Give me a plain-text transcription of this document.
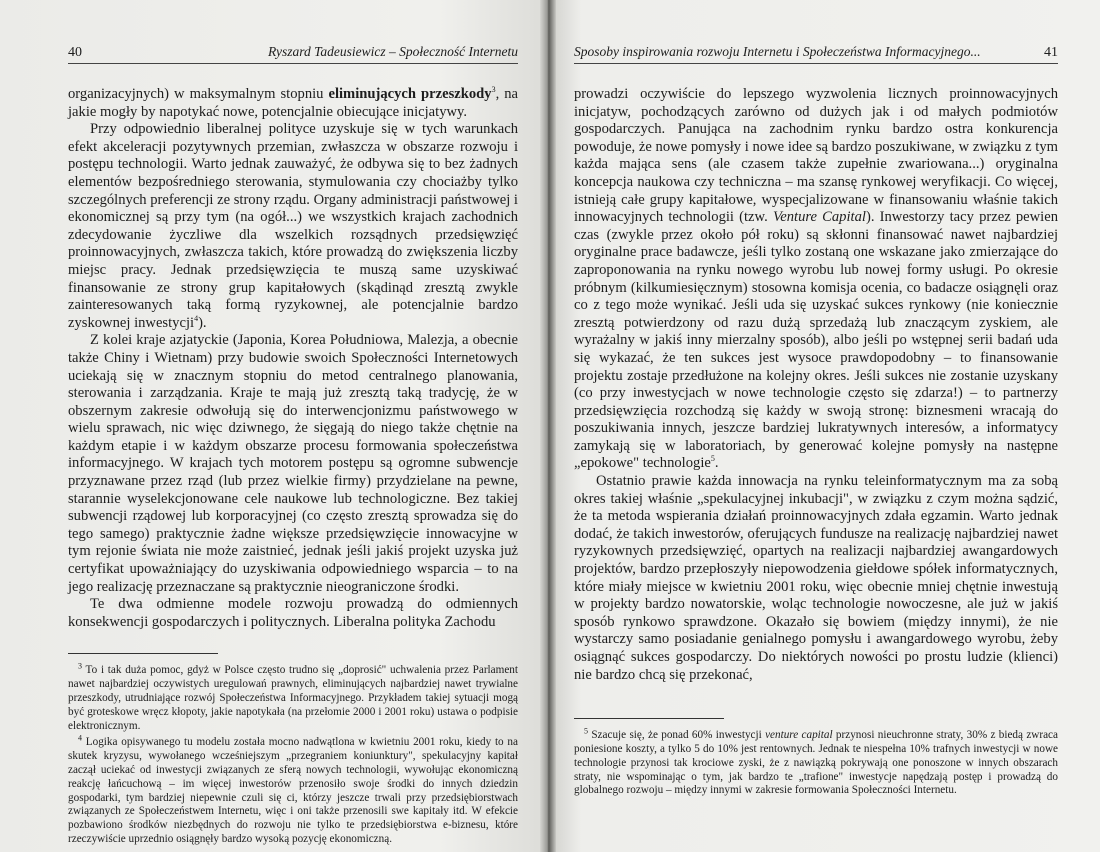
40	Ryszard Tadeusiewicz – Społeczność Internetu

organizacyjnych) w maksymalnym stopniu eliminujących przeszkody$^3$, na jakie mogły by napotykać nowe, potencjalnie obiecujące inicjatywy.

Przy odpowiednio liberalnej polityce uzyskuje się w tych warunkach efekt akceleracji pozytywnych przemian, zwłaszcza w obszarze rozwoju i postępu technologii. Warto jednak zauważyć, że odbywa się to bez żadnych elementów bezpośredniego sterowania, stymulowania czy chociażby tylko szczególnych preferencji ze strony rządu. Organy administracji państwowej i ekonomicznej są przy tym (na ogół...) we wszystkich krajach zachodnich zdecydowanie życzliwe dla wszelkich rozsądnych przedsięwzięć proinnowacyjnych, zwłaszcza takich, które prowadzą do zwiększenia liczby miejsc pracy. Jednak przedsięwzięcia te muszą same uzyskiwać finansowanie ze strony grup kapitałowych (skądinąd zresztą zwykle zainteresowanych taką formą ryzykownej, ale potencjalnie bardzo zyskownej inwestycji$^4$).

Z kolei kraje azjatyckie (Japonia, Korea Południowa, Malezja, a obecnie także Chiny i Wietnam) przy budowie swoich Społeczności Internetowych uciekają się w znacznym stopniu do metod centralnego planowania, sterowania i zarządzania. Kraje te mają już zresztą taką tradycję, że w obszernym zakresie odwołują się do interwencjonizmu państwowego w wielu sprawach, nic więc dziwnego, że sięgają do niego także chętnie na każdym etapie i w każdym obszarze procesu formowania społeczeństwa informacyjnego. W krajach tych motorem postępu są ogromne subwencje przyznawane przez rząd (lub przez wielkie firmy) przydzielane na pewne, starannie wyselekcjonowane cele naukowe lub technologiczne. Bez takiej subwencji rządowej lub korporacyjnej (co często zresztą sprowadza się do tego samego) praktycznie żadne większe przedsięwzięcie innowacyjne w tym rejonie świata nie może zaistnieć, jednak jeśli jakiś projekt uzyska już certyfikat upoważniający do uzyskiwania odpowiedniego wsparcia – to na jego realizację przeznaczane są praktycznie nieograniczone środki.

Te dwa odmienne modele rozwoju prowadzą do odmiennych konsekwencji gospodarczych i politycznych. Liberalna polityka Zachodu

$^3$ To i tak duża pomoc, gdyż w Polsce często trudno się „doprosić" uchwalenia przez Parlament nawet najbardziej oczywistych uregulowań prawnych, eliminujących najbardziej nawet trywialne przeszkody, utrudniające rozwój Społeczeństwa Informacyjnego. Przykładem takiej sytuacji mogą być groteskowe wręcz kłopoty, jakie napotykała (na przełomie 2000 i 2001 roku) ustawa o podpisie elektronicznym.

$^4$ Logika opisywanego tu modelu została mocno nadwątlona w kwietniu 2001 roku, kiedy to na skutek kryzysu, wywołanego wcześniejszym „przegraniem koniunktury", spekulacyjny kapitał zaczął uciekać od inwestycji związanych ze sferą nowych technologii, wywołując ekonomiczną reakcję łańcuchową – im więcej inwestorów przenosiło swoje środki do innych dziedzin gospodarki, tym bardziej niepewnie czuli się ci, którzy jeszcze trwali przy przedsiębiorstwach związanych ze Społeczeństwem Internetu, więc i oni także przenosili swe kapitały itd. W efekcie pozbawiono środków niezbędnych do rozwoju nie tylko te przedsiębiorstwa e-biznesu, które rzeczywiście uprzednio osiągnęły bardzo wysoką pozycję ekonomiczną.

Sposoby inspirowania rozwoju Internetu i Społeczeństwa Informacyjnego...	41

prowadzi oczywiście do lepszego wyzwolenia licznych proinnowacyjnych inicjatyw, pochodzących zarówno od dużych jak i od małych podmiotów gospodarczych. Panująca na zachodnim rynku bardzo ostra konkurencja powoduje, że nowe pomysły i nowe idee są bardzo poszukiwane, w związku z tym każda mająca sens (ale czasem także zupełnie zwariowana...) oryginalna koncepcja naukowa czy techniczna – ma szansę rynkowej weryfikacji. Co więcej, istnieją całe grupy kapitałowe, wyspecjalizowane w finansowaniu właśnie takich innowacyjnych technologii (tzw. Venture Capital). Inwestorzy tacy przez pewien czas (zwykle przez około pół roku) są skłonni finansować nawet najbardziej oryginalne prace badawcze, jeśli tylko zostaną one wskazane jako zmierzające do zaproponowania na rynku nowego wyrobu lub nowej formy usługi. Po okresie próbnym (kilkumiesięcznym) stosowna komisja ocenia, co badacze osiągnęli oraz co z tego może wynikać. Jeśli uda się uzyskać sukces rynkowy (nie koniecznie zresztą potwierdzony od razu dużą sprzedażą lub znaczącym zyskiem, ale wyrażalny w jakiś inny mierzalny sposób), albo jeśli po wstępnej serii badań uda się wykazać, że ten sukces jest wysoce prawdopodobny – to finansowanie projektu zostaje przedłużone na kolejny okres. Jeśli sukces nie zostanie uzyskany (co przy inwestycjach w nowe technologie często się zdarza!) – to partnerzy przedsięwzięcia rozchodzą się każdy w swoją stronę: biznesmeni wracają do poszukiwania innych, jeszcze bardziej lukratywnych interesów, a informatycy zamykają się w laboratoriach, by generować kolejne pomysły na następne „epokowe" technologie$^5$.

Ostatnio prawie każda innowacja na rynku teleinformatycznym ma za sobą okres takiej właśnie „spekulacyjnej inkubacji", w związku z czym można sądzić, że ta metoda wspierania działań proinnowacyjnych zdała egzamin. Warto jednak dodać, że takich inwestorów, oferujących fundusze na realizację najbardziej nawet ryzykownych przedsięwzięć, opartych na realizacji najbardziej awangardowych projektów, bardzo przepłoszyły niepowodzenia giełdowe spółek informatycznych, które miały miejsce w kwietniu 2001 roku, więc obecnie mniej chętnie inwestują w projekty bardzo nowatorskie, woląc technologie nowoczesne, ale już w jakiś sposób rynkowo sprawdzone. Okazało się bowiem (między innymi), że nie wystarczy samo posiadanie genialnego pomysłu i awangardowego wyrobu, żeby osiągnąć sukces gospodarczy. Do niektórych nowości po prostu ludzie (klienci) nie bardzo chcą się przekonać,

$^5$ Szacuje się, że ponad 60% inwestycji venture capital przynosi nieuchronne straty, 30% z biedą zwraca poniesione koszty, a tylko 5 do 10% jest rentownych. Jednak te niespełna 10% trafnych inwestycji w nowe technologie przynosi tak krociowe zyski, że z nawiązką pokrywają one ponoszone w innych obszarach straty, nie wspominając o tym, jak bardzo te „trafione" inwestycje napędzają postęp i prowadzą do globalnego rozwoju – między innymi w zakresie formowania Społeczności Internetu.
